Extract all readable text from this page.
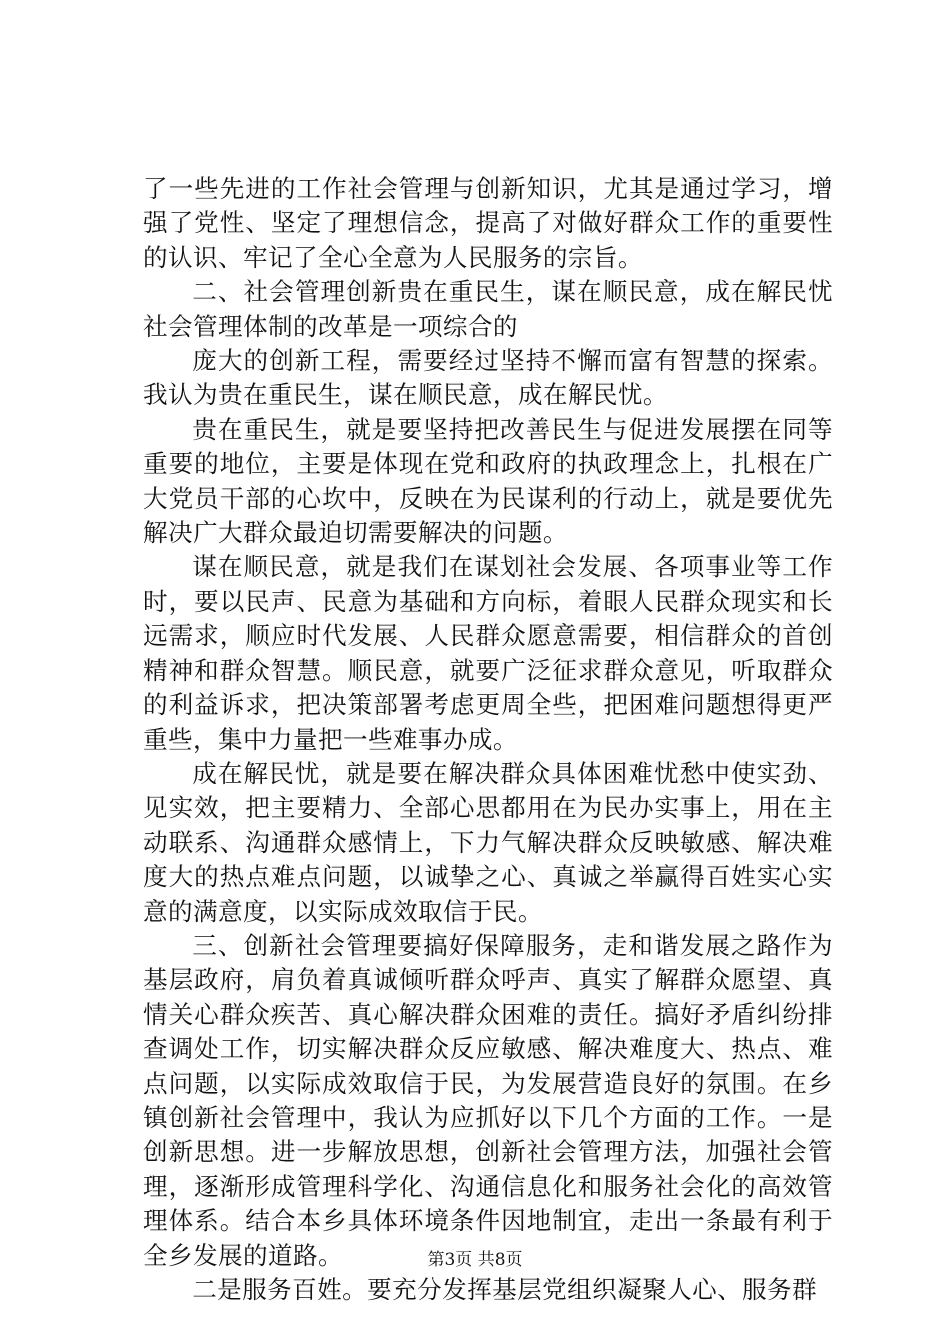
了一些先进的工作社会管理与创新知识，尤其是通过学习，增强了党性、坚定了理想信念，提高了对做好群众工作的重要性的认识、牢记了全心全意为人民服务的宗旨。

二、社会管理创新贵在重民生，谋在顺民意，成在解民忧社会管理体制的改革是一项综合的

庞大的创新工程，需要经过坚持不懈而富有智慧的探索。我认为贵在重民生，谋在顺民意，成在解民忧。

贵在重民生，就是要坚持把改善民生与促进发展摆在同等重要的地位，主要是体现在党和政府的执政理念上，扎根在广大党员干部的心坎中，反映在为民谋利的行动上，就是要优先解决广大群众最迫切需要解决的问题。

谋在顺民意，就是我们在谋划社会发展、各项事业等工作时，要以民声、民意为基础和方向标，着眼人民群众现实和长远需求，顺应时代发展、人民群众愿意需要，相信群众的首创精神和群众智慧。顺民意，就要广泛征求群众意见，听取群众的利益诉求，把决策部署考虑更周全些，把困难问题想得更严重些，集中力量把一些难事办成。

成在解民忧，就是要在解决群众具体困难忧愁中使实劲、见实效，把主要精力、全部心思都用在为民办实事上，用在主动联系、沟通群众感情上，下力气解决群众反映敏感、解决难度大的热点难点问题，以诚挚之心、真诚之举赢得百姓实心实意的满意度，以实际成效取信于民。

三、创新社会管理要搞好保障服务，走和谐发展之路作为基层政府，肩负着真诚倾听群众呼声、真实了解群众愿望、真情关心群众疾苦、真心解决群众困难的责任。搞好矛盾纠纷排查调处工作，切实解决群众反应敏感、解决难度大、热点、难点问题，以实际成效取信于民，为发展营造良好的氛围。在乡镇创新社会管理中，我认为应抓好以下几个方面的工作。一是创新思想。进一步解放思想，创新社会管理方法，加强社会管理，逐渐形成管理科学化、沟通信息化和服务社会化的高效管理体系。结合本乡具体环境条件因地制宜，走出一条最有利于全乡发展的道路。

二是服务百姓。要充分发挥基层党组织凝聚人心、服务群

第3页 共8页
